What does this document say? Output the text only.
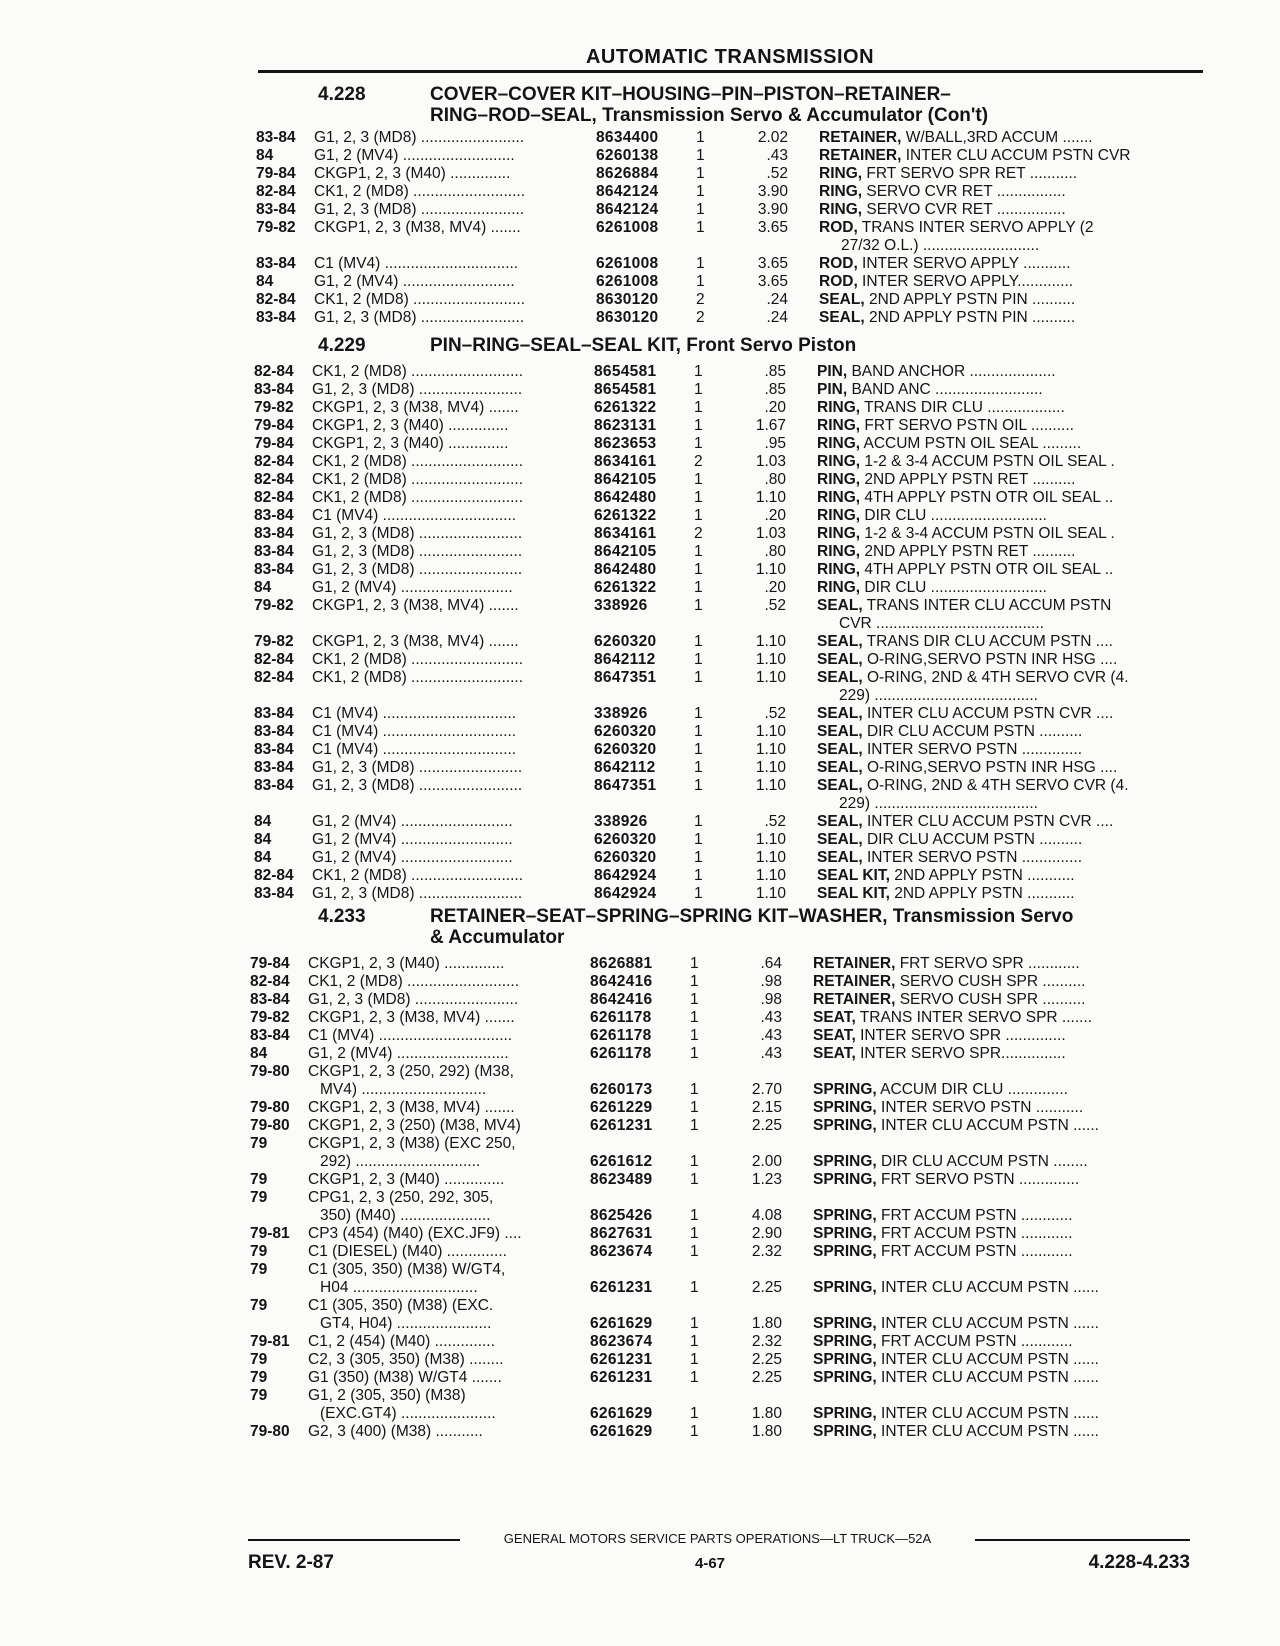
AUTOMATIC TRANSMISSION
4.228	COVER–COVER KIT–HOUSING–PIN–PISTON–RETAINER–
RING–ROD–SEAL, Transmission Servo & Accumulator (Con't)
83-84 G1, 2, 3 (MD8) ........................	8634400 1	2.02 RETAINER, W/BALL,3RD ACCUM .......
84	G1, 2 (MV4) ..........................	6260138 1	.43 RETAINER, INTER CLU ACCUM PSTN CVR
79-84 CKGP1, 2, 3 (M40) ..............	8626884 1	.52 RING, FRT SERVO SPR RET ...........
82-84 CK1, 2 (MD8) ..........................	8642124 1	3.90 RING, SERVO CVR RET ................
83-84 G1, 2, 3 (MD8) ........................	8642124 1	3.90 RING, SERVO CVR RET ................
79-82 CKGP1, 2, 3 (M38, MV4) .......	6261008 1	3.65 ROD, TRANS INTER SERVO APPLY (2
27/32 O.L.) ...........................
83-84 C1 (MV4) ...............................	6261008 1	3.65 ROD, INTER SERVO APPLY ...........
84	G1, 2 (MV4) ..........................	6261008 1	3.65 ROD, INTER SERVO APPLY.............
82-84 CK1, 2 (MD8) ..........................	8630120 2	.24 SEAL, 2ND APPLY PSTN PIN ..........
83-84 G1, 2, 3 (MD8) ........................	8630120 2	.24 SEAL, 2ND APPLY PSTN PIN ..........
4.229	PIN–RING–SEAL–SEAL KIT, Front Servo Piston
82-84 CK1, 2 (MD8) ..........................	8654581 1	.85 PIN, BAND ANCHOR ....................
83-84 G1, 2, 3 (MD8) ........................	8654581 1	.85 PIN, BAND ANC .........................
79-82 CKGP1, 2, 3 (M38, MV4) .......	6261322 1	.20 RING, TRANS DIR CLU ..................
79-84 CKGP1, 2, 3 (M40) ..............	8623131 1	1.67 RING, FRT SERVO PSTN OIL ..........
79-84 CKGP1, 2, 3 (M40) ..............	8623653 1	.95 RING, ACCUM PSTN OIL SEAL .........
82-84 CK1, 2 (MD8) ..........................	8634161 2	1.03 RING, 1-2 & 3-4 ACCUM PSTN OIL SEAL .
82-84 CK1, 2 (MD8) ..........................	8642105 1	.80 RING, 2ND APPLY PSTN RET ..........
82-84 CK1, 2 (MD8) ..........................	8642480 1	1.10 RING, 4TH APPLY PSTN OTR OIL SEAL ..
83-84 C1 (MV4) ...............................	6261322 1	.20 RING, DIR CLU ...........................
83-84 G1, 2, 3 (MD8) ........................	8634161 2	1.03 RING, 1-2 & 3-4 ACCUM PSTN OIL SEAL .
83-84 G1, 2, 3 (MD8) ........................	8642105 1	.80 RING, 2ND APPLY PSTN RET ..........
83-84 G1, 2, 3 (MD8) ........................	8642480 1	1.10 RING, 4TH APPLY PSTN OTR OIL SEAL ..
84	G1, 2 (MV4) ..........................	6261322 1	.20 RING, DIR CLU ...........................
79-82 CKGP1, 2, 3 (M38, MV4) .......	338926	1	.52 SEAL, TRANS INTER CLU ACCUM PSTN
CVR .......................................
79-82 CKGP1, 2, 3 (M38, MV4) .......	6260320 1	1.10 SEAL, TRANS DIR CLU ACCUM PSTN ....
82-84 CK1, 2 (MD8) ..........................	8642112 1	1.10 SEAL, O-RING,SERVO PSTN INR HSG ....
82-84 CK1, 2 (MD8) ..........................	8647351 1	1.10 SEAL, O-RING, 2ND & 4TH SERVO CVR (4.
229) ......................................
83-84 C1 (MV4) ...............................	338926	1	.52 SEAL, INTER CLU ACCUM PSTN CVR ....
83-84 C1 (MV4) ...............................	6260320 1	1.10 SEAL, DIR CLU ACCUM PSTN ..........
83-84 C1 (MV4) ...............................	6260320 1	1.10 SEAL, INTER SERVO PSTN ..............
83-84 G1, 2, 3 (MD8) ........................	8642112 1	1.10 SEAL, O-RING,SERVO PSTN INR HSG ....
83-84 G1, 2, 3 (MD8) ........................	8647351 1	1.10 SEAL, O-RING, 2ND & 4TH SERVO CVR (4.
229) ......................................
84	G1, 2 (MV4) ..........................	338926	1	.52 SEAL, INTER CLU ACCUM PSTN CVR ....
84	G1, 2 (MV4) ..........................	6260320 1	1.10 SEAL, DIR CLU ACCUM PSTN ..........
84	G1, 2 (MV4) ..........................	6260320 1	1.10 SEAL, INTER SERVO PSTN ..............
82-84 CK1, 2 (MD8) ..........................	8642924 1	1.10 SEAL KIT, 2ND APPLY PSTN ...........
83-84 G1, 2, 3 (MD8) ........................	8642924 1	1.10 SEAL KIT, 2ND APPLY PSTN ...........
4.233	RETAINER–SEAT–SPRING–SPRING KIT–WASHER, Transmission Servo
& Accumulator
79-84 CKGP1, 2, 3 (M40) ..............	8626881 1	.64 RETAINER, FRT SERVO SPR ............
82-84 CK1, 2 (MD8) ..........................	8642416 1	.98 RETAINER, SERVO CUSH SPR ..........
83-84 G1, 2, 3 (MD8) ........................	8642416 1	.98 RETAINER, SERVO CUSH SPR ..........
79-82 CKGP1, 2, 3 (M38, MV4) .......	6261178 1	.43 SEAT, TRANS INTER SERVO SPR .......
83-84 C1 (MV4) ...............................	6261178 1	.43 SEAT, INTER SERVO SPR ..............
84	G1, 2 (MV4) ..........................	6261178 1	.43 SEAT, INTER SERVO SPR...............
79-80 CKGP1, 2, 3 (250, 292) (M38,
MV4) .............................	6260173 1	2.70 SPRING, ACCUM DIR CLU ..............
79-80 CKGP1, 2, 3 (M38, MV4) .......	6261229 1	2.15 SPRING, INTER SERVO PSTN ...........
79-80 CKGP1, 2, 3 (250) (M38, MV4)	6261231 1	2.25 SPRING, INTER CLU ACCUM PSTN ......
79	CKGP1, 2, 3 (M38) (EXC 250,
292) .............................	6261612 1	2.00 SPRING, DIR CLU ACCUM PSTN ........
79	CKGP1, 2, 3 (M40) ..............	8623489 1	1.23 SPRING, FRT SERVO PSTN ..............
79	CPG1, 2, 3 (250, 292, 305,
350) (M40) .....................	8625426 1	4.08 SPRING, FRT ACCUM PSTN ............
79-81 CP3 (454) (M40) (EXC.JF9) ....	8627631 1	2.90 SPRING, FRT ACCUM PSTN ............
79	C1 (DIESEL) (M40) ..............	8623674 1	2.32 SPRING, FRT ACCUM PSTN ............
79	C1 (305, 350) (M38) W/GT4,
H04 .............................	6261231 1	2.25 SPRING, INTER CLU ACCUM PSTN ......
79	C1 (305, 350) (M38) (EXC.
GT4, H04) ......................	6261629 1	1.80 SPRING, INTER CLU ACCUM PSTN ......
79-81 C1, 2 (454) (M40) ..............	8623674 1	2.32 SPRING, FRT ACCUM PSTN ............
79	C2, 3 (305, 350) (M38) ........	6261231 1	2.25 SPRING, INTER CLU ACCUM PSTN ......
79	G1 (350) (M38) W/GT4 .......	6261231 1	2.25 SPRING, INTER CLU ACCUM PSTN ......
79	G1, 2 (305, 350) (M38)
(EXC.GT4) ......................	6261629 1	1.80 SPRING, INTER CLU ACCUM PSTN ......
79-80 G2, 3 (400) (M38) ...........	6261629 1	1.80 SPRING, INTER CLU ACCUM PSTN ......
GENERAL MOTORS SERVICE PARTS OPERATIONS—LT TRUCK—52A
REV. 2-87	4-67	4.228-4.233
